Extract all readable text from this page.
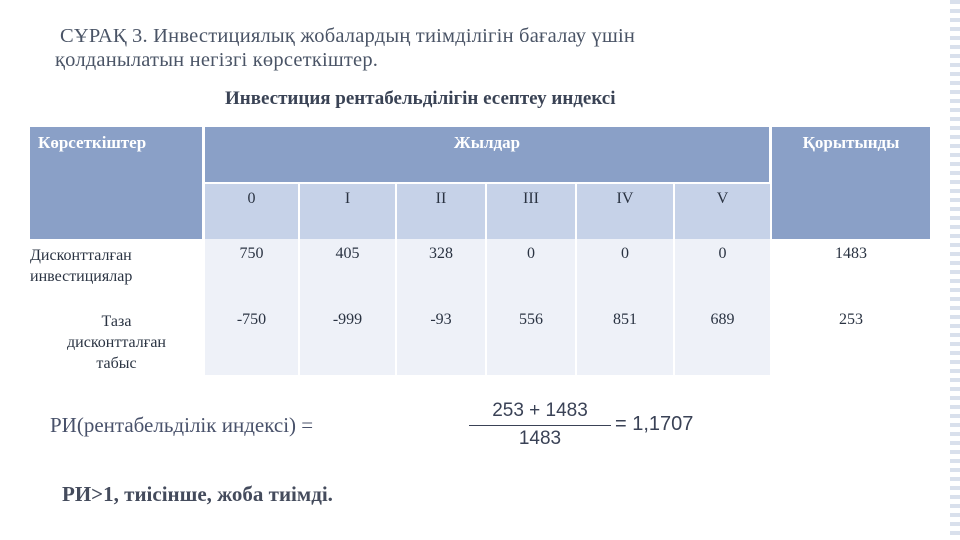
СҰРАҚ 3. Инвестициялық жобалардың тиімділігін бағалау үшін
қолданылатын негізгі көрсеткіштер.
Инвестиция рентабельділігін есептеу индексі
Көрсеткіштер	Жылдар						Қорытынды
	0	I	II	III	IV	V	
Дисконтталған
инвестициялар	750	405	328	0	0	0	1483
Таза
дисконтталған
табыс	-750	-999	-93	556	851	689	253
РИ(рентабельділік индексі) =
253 + 1483
1483
= 1,1707
РИ>1, тиісінше, жоба тиімді.
